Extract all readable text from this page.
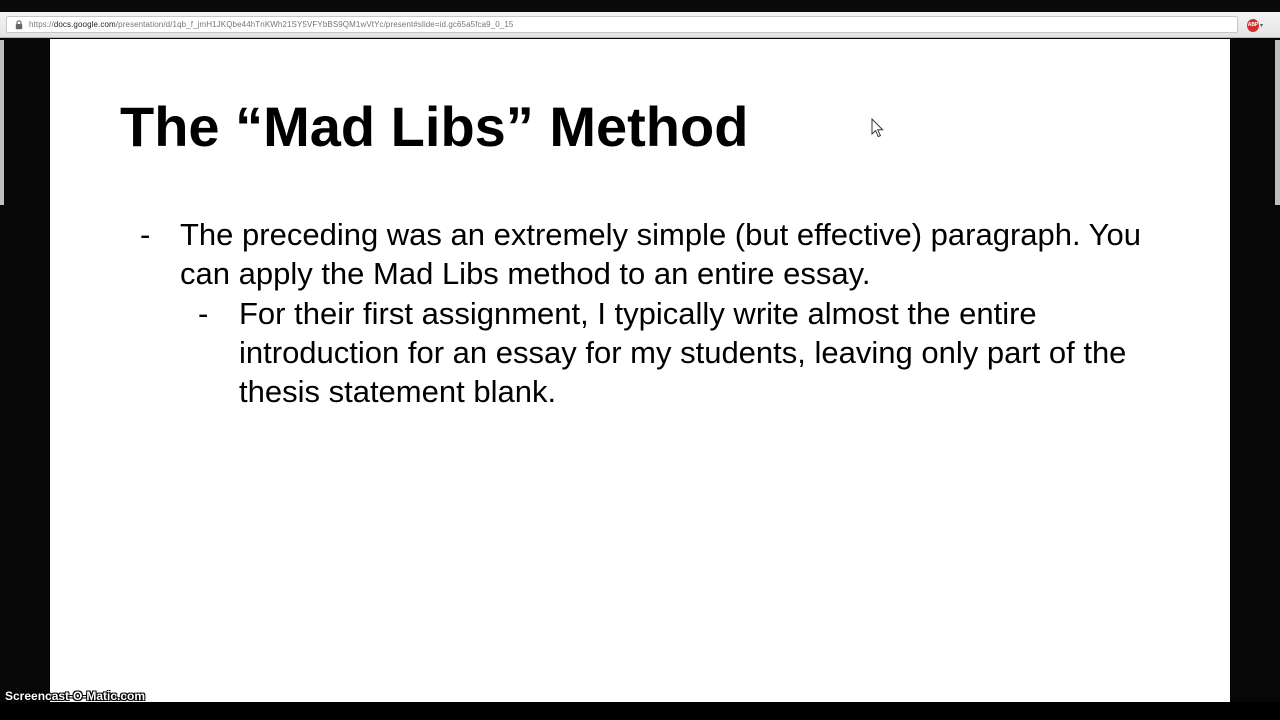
https://docs.google.com/presentation/d/1qb_f_jmH1JKQbe44hTnKWh21SY5VFYbBS9QM1wVtYc/present#slide=id.gc65a5fca9_0_15	ABP ▾
The “Mad Libs” Method
- The preceding was an extremely simple (but effective) paragraph. You can apply the Mad Libs method to an entire essay.
- For their first assignment, I typically write almost the entire introduction for an essay for my students, leaving only part of the thesis statement blank.
Screencast-O-Matic.com
